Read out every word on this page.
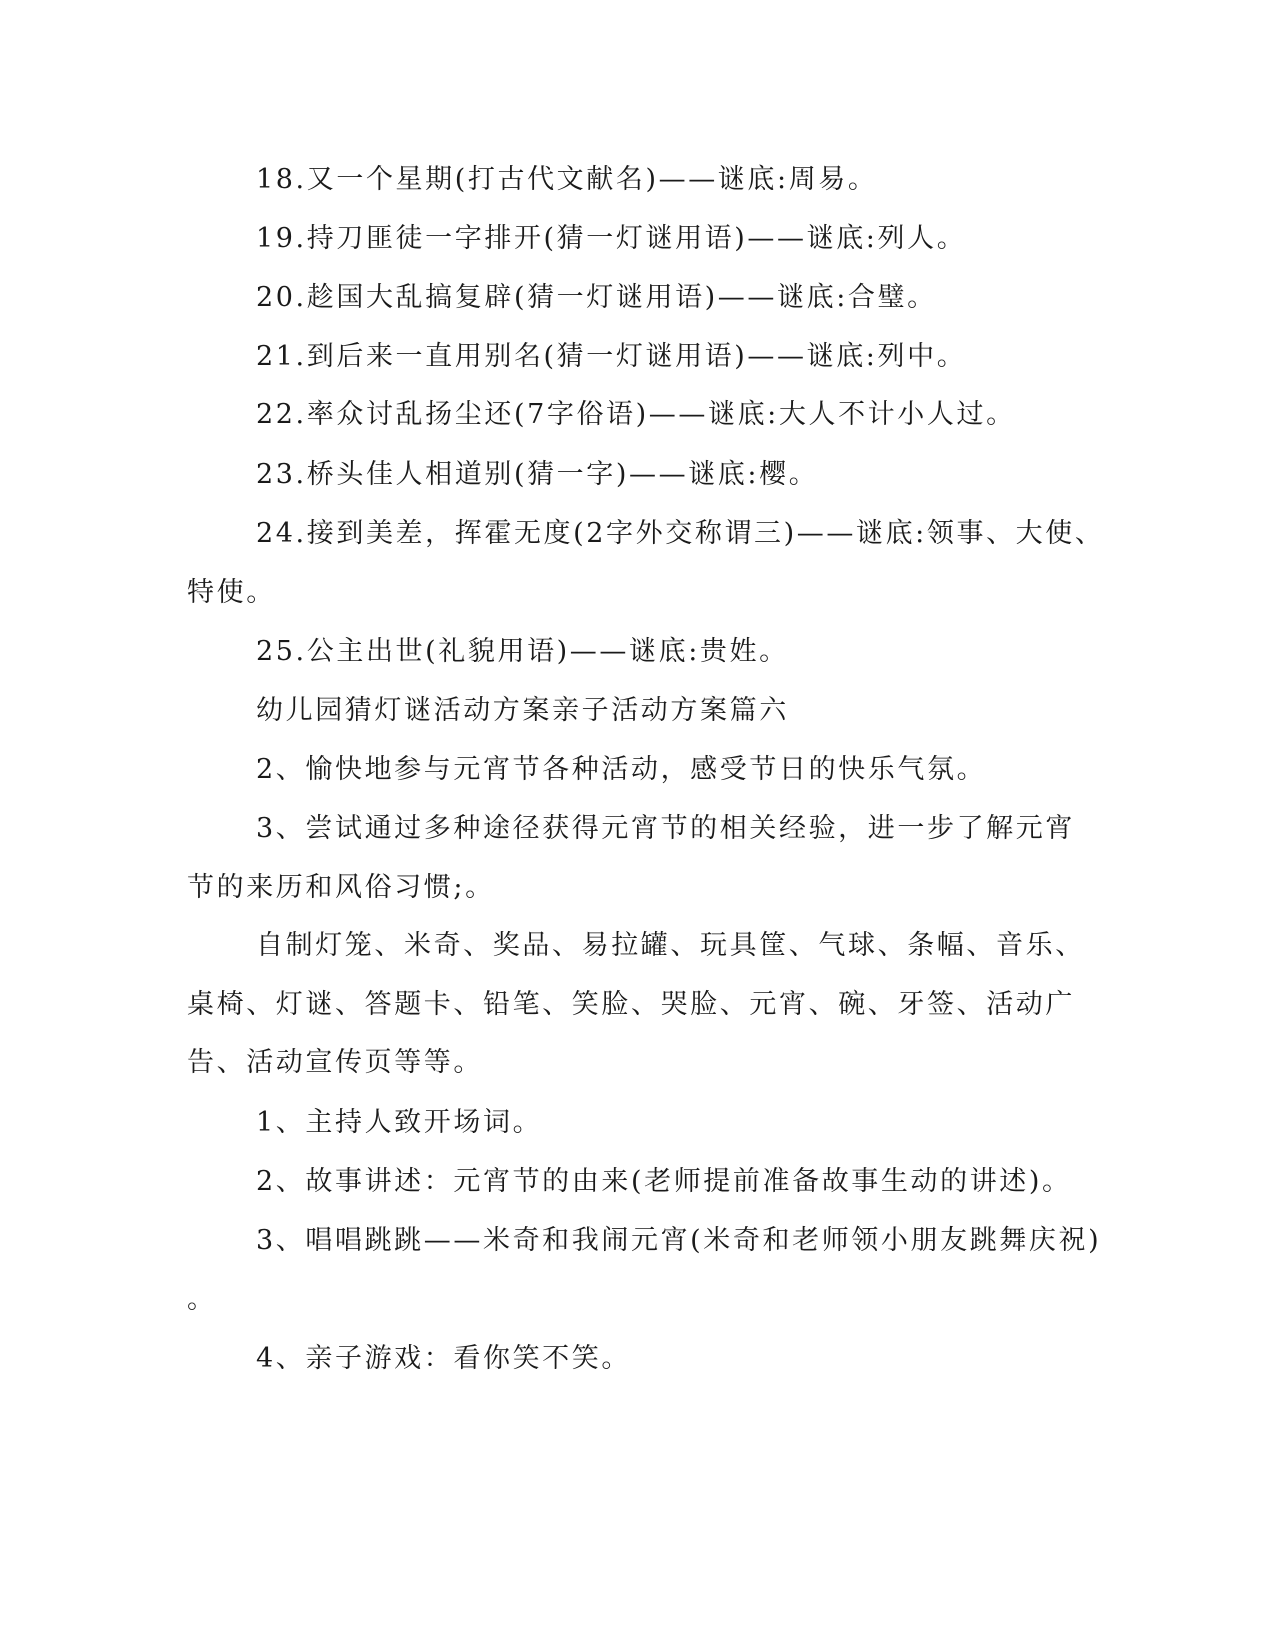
18.又一个星期(打古代文献名)——谜底:周易。
19.持刀匪徒一字排开(猜一灯谜用语)——谜底:列人。
20.趁国大乱搞复辟(猜一灯谜用语)——谜底:合璧。
21.到后来一直用别名(猜一灯谜用语)——谜底:列中。
22.率众讨乱扬尘还(7字俗语)——谜底:大人不计小人过。
23.桥头佳人相道别(猜一字)——谜底:樱。
24.接到美差，挥霍无度(2字外交称谓三)——谜底:领事、大使、
特使。
25.公主出世(礼貌用语)——谜底:贵姓。
幼儿园猜灯谜活动方案亲子活动方案篇六
2、愉快地参与元宵节各种活动，感受节日的快乐气氛。
3、尝试通过多种途径获得元宵节的相关经验，进一步了解元宵
节的来历和风俗习惯;。
自制灯笼、米奇、奖品、易拉罐、玩具筐、气球、条幅、音乐、
桌椅、灯谜、答题卡、铅笔、笑脸、哭脸、元宵、碗、牙签、活动广
告、活动宣传页等等。
1、主持人致开场词。
2、故事讲述：元宵节的由来(老师提前准备故事生动的讲述)。
3、唱唱跳跳——米奇和我闹元宵(米奇和老师领小朋友跳舞庆祝)
。
4、亲子游戏：看你笑不笑。
